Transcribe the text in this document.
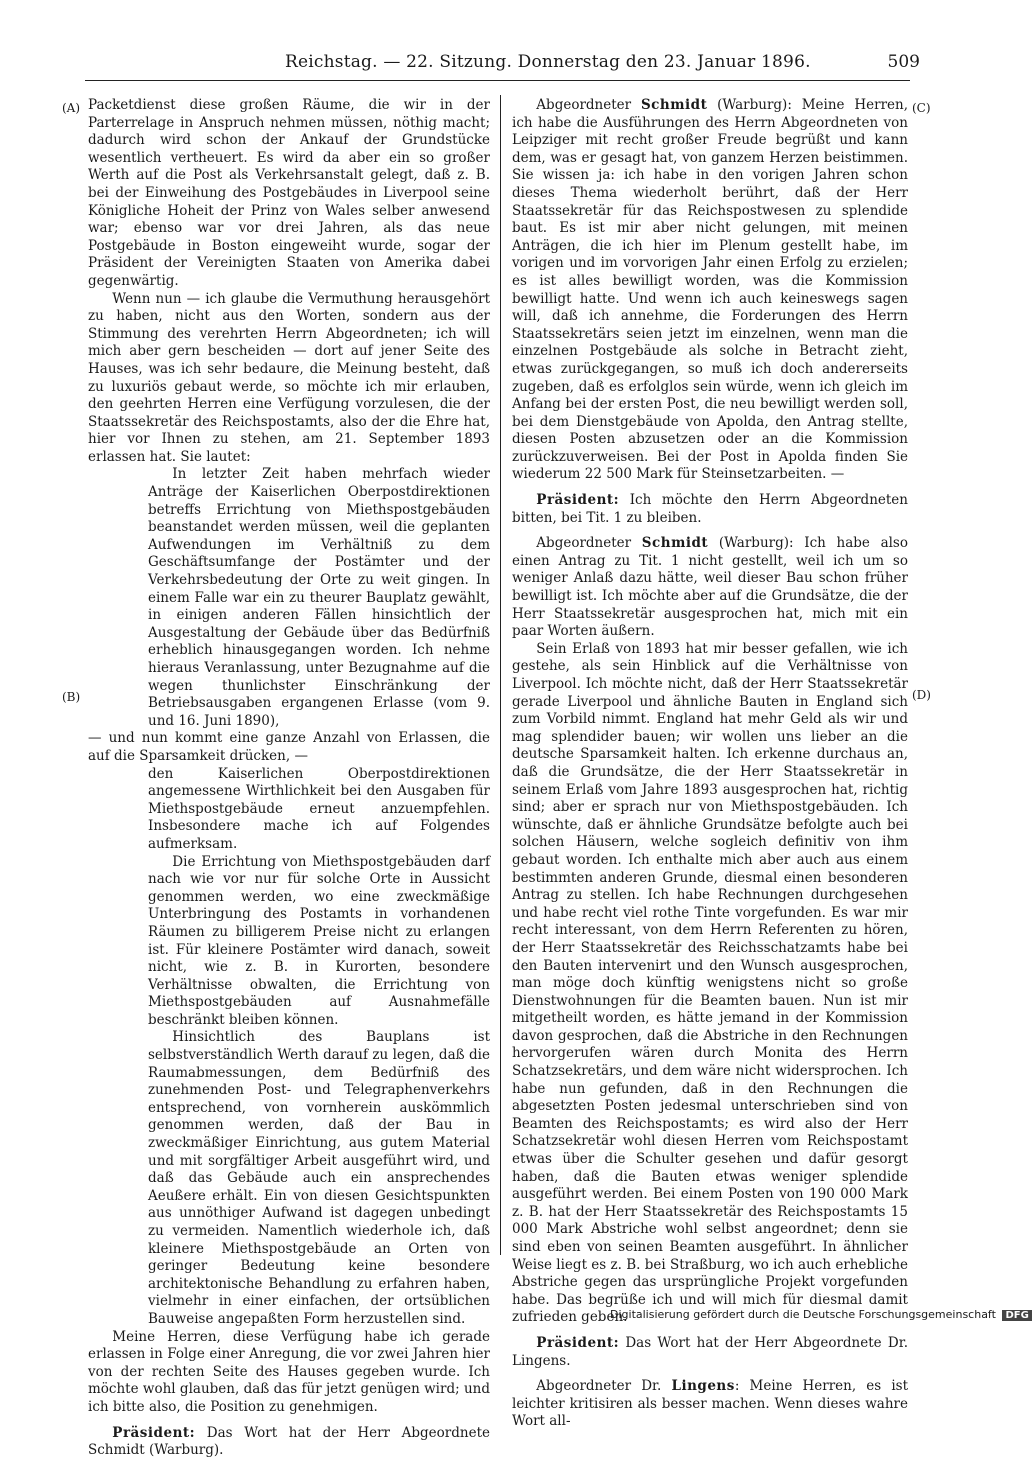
Reichstag. — 22. Sitzung. Donnerstag den 23. Januar 1896.	509
(A)
(B)
(C)
(D)

Packetdienst diese großen Räume, die wir in der Parterrelage in Anspruch nehmen müssen, nöthig macht; dadurch wird schon der Ankauf der Grundstücke wesentlich vertheuert. Es wird da aber ein so großer Werth auf die Post als Verkehrsanstalt gelegt, daß z. B. bei der Einweihung des Postgebäudes in Liverpool seine Königliche Hoheit der Prinz von Wales selber anwesend war; ebenso war vor drei Jahren, als das neue Postgebäude in Boston eingeweiht wurde, sogar der Präsident der Vereinigten Staaten von Amerika dabei gegenwärtig.

Wenn nun — ich glaube die Vermuthung herausgehört zu haben, nicht aus den Worten, sondern aus der Stimmung des verehrten Herrn Abgeordneten; ich will mich aber gern bescheiden — dort auf jener Seite des Hauses, was ich sehr bedaure, die Meinung besteht, daß zu luxuriös gebaut werde, so möchte ich mir erlauben, den geehrten Herren eine Verfügung vorzulesen, die der Staatssekretär des Reichspostamts, also der die Ehre hat, hier vor Ihnen zu stehen, am 21. September 1893 erlassen hat. Sie lautet:

In letzter Zeit haben mehrfach wieder Anträge der Kaiserlichen Oberpostdirektionen betreffs Errichtung von Miethspostgebäuden beanstandet werden müssen, weil die geplanten Aufwendungen im Verhältniß zu dem Geschäftsumfange der Postämter und der Verkehrsbedeutung der Orte zu weit gingen. In einem Falle war ein zu theurer Bauplatz gewählt, in einigen anderen Fällen hinsichtlich der Ausgestaltung der Gebäude über das Bedürfniß erheblich hinausgegangen worden. Ich nehme hieraus Veranlassung, unter Bezugnahme auf die wegen thunlichster Einschränkung der Betriebsausgaben ergangenen Erlasse (vom 9. und 16. Juni 1890),

— und nun kommt eine ganze Anzahl von Erlassen, die auf die Sparsamkeit drücken, —

den Kaiserlichen Oberpostdirektionen angemessene Wirthlichkeit bei den Ausgaben für Miethspostgebäude erneut anzuempfehlen. Insbesondere mache ich auf Folgendes aufmerksam.

Die Errichtung von Miethspostgebäuden darf nach wie vor nur für solche Orte in Aussicht genommen werden, wo eine zweckmäßige Unterbringung des Postamts in vorhandenen Räumen zu billigerem Preise nicht zu erlangen ist. Für kleinere Postämter wird danach, soweit nicht, wie z. B. in Kurorten, besondere Verhältnisse obwalten, die Errichtung von Miethspostgebäuden auf Ausnahmefälle beschränkt bleiben können.

Hinsichtlich des Bauplans ist selbstverständlich Werth darauf zu legen, daß die Raumabmessungen, dem Bedürfniß des zunehmenden Post- und Telegraphenverkehrs entsprechend, von vornherein auskömmlich genommen werden, daß der Bau in zweckmäßiger Einrichtung, aus gutem Material und mit sorgfältiger Arbeit ausgeführt wird, und daß das Gebäude auch ein ansprechendes Aeußere erhält. Ein von diesen Gesichtspunkten aus unnöthiger Aufwand ist dagegen unbedingt zu vermeiden. Namentlich wiederhole ich, daß kleinere Miethspostgebäude an Orten von geringer Bedeutung keine besondere architektonische Behandlung zu erfahren haben, vielmehr in einer einfachen, der ortsüblichen Bauweise angepaßten Form herzustellen sind.

Meine Herren, diese Verfügung habe ich gerade erlassen in Folge einer Anregung, die vor zwei Jahren hier von der rechten Seite des Hauses gegeben wurde. Ich möchte wohl glauben, daß das für jetzt genügen wird; und ich bitte also, die Position zu genehmigen.

Präsident: Das Wort hat der Herr Abgeordnete Schmidt (Warburg).

Abgeordneter Schmidt (Warburg): Meine Herren, ich habe die Ausführungen des Herrn Abgeordneten von Leipziger mit recht großer Freude begrüßt und kann dem, was er gesagt hat, von ganzem Herzen beistimmen. Sie wissen ja: ich habe in den vorigen Jahren schon dieses Thema wiederholt berührt, daß der Herr Staatssekretär für das Reichspostwesen zu splendide baut. Es ist mir aber nicht gelungen, mit meinen Anträgen, die ich hier im Plenum gestellt habe, im vorigen und im vorvorigen Jahr einen Erfolg zu erzielen; es ist alles bewilligt worden, was die Kommission bewilligt hatte. Und wenn ich auch keineswegs sagen will, daß ich annehme, die Forderungen des Herrn Staatssekretärs seien jetzt im einzelnen, wenn man die einzelnen Postgebäude als solche in Betracht zieht, etwas zurückgegangen, so muß ich doch andererseits zugeben, daß es erfolglos sein würde, wenn ich gleich im Anfang bei der ersten Post, die neu bewilligt werden soll, bei dem Dienstgebäude von Apolda, den Antrag stellte, diesen Posten abzusetzen oder an die Kommission zurückzuverweisen. Bei der Post in Apolda finden Sie wiederum 22 500 Mark für Steinsetzarbeiten. —

Präsident: Ich möchte den Herrn Abgeordneten bitten, bei Tit. 1 zu bleiben.

Abgeordneter Schmidt (Warburg): Ich habe also einen Antrag zu Tit. 1 nicht gestellt, weil ich um so weniger Anlaß dazu hätte, weil dieser Bau schon früher bewilligt ist. Ich möchte aber auf die Grundsätze, die der Herr Staatssekretär ausgesprochen hat, mich mit ein paar Worten äußern.

Sein Erlaß von 1893 hat mir besser gefallen, wie ich gestehe, als sein Hinblick auf die Verhältnisse von Liverpool. Ich möchte nicht, daß der Herr Staatssekretär gerade Liverpool und ähnliche Bauten in England sich zum Vorbild nimmt. England hat mehr Geld als wir und mag splendider bauen; wir wollen uns lieber an die deutsche Sparsamkeit halten. Ich erkenne durchaus an, daß die Grundsätze, die der Herr Staatssekretär in seinem Erlaß vom Jahre 1893 ausgesprochen hat, richtig sind; aber er sprach nur von Miethspostgebäuden. Ich wünschte, daß er ähnliche Grundsätze befolgte auch bei solchen Häusern, welche sogleich definitiv von ihm gebaut worden. Ich enthalte mich aber auch aus einem bestimmten anderen Grunde, diesmal einen besonderen Antrag zu stellen. Ich habe Rechnungen durchgesehen und habe recht viel rothe Tinte vorgefunden. Es war mir recht interessant, von dem Herrn Referenten zu hören, der Herr Staatssekretär des Reichsschatzamts habe bei den Bauten intervenirt und den Wunsch ausgesprochen, man möge doch künftig wenigstens nicht so große Dienstwohnungen für die Beamten bauen. Nun ist mir mitgetheilt worden, es hätte jemand in der Kommission davon gesprochen, daß die Abstriche in den Rechnungen hervorgerufen wären durch Monita des Herrn Schatzsekretärs, und dem wäre nicht widersprochen. Ich habe nun gefunden, daß in den Rechnungen die abgesetzten Posten jedesmal unterschrieben sind von Beamten des Reichspostamts; es wird also der Herr Schatzsekretär wohl diesen Herren vom Reichspostamt etwas über die Schulter gesehen und dafür gesorgt haben, daß die Bauten etwas weniger splendide ausgeführt werden. Bei einem Posten von 190 000 Mark z. B. hat der Herr Staatssekretär des Reichspostamts 15 000 Mark Abstriche wohl selbst angeordnet; denn sie sind eben von seinen Beamten ausgeführt. In ähnlicher Weise liegt es z. B. bei Straßburg, wo ich auch erhebliche Abstriche gegen das ursprüngliche Projekt vorgefunden habe. Das begrüße ich und will mich für diesmal damit zufrieden geben.

Präsident: Das Wort hat der Herr Abgeordnete Dr. Lingens.

Abgeordneter Dr. Lingens: Meine Herren, es ist leichter kritisiren als besser machen. Wenn dieses wahre Wort all-

Digitalisierung gefördert durch die Deutsche Forschungsgemeinschaft DFG
